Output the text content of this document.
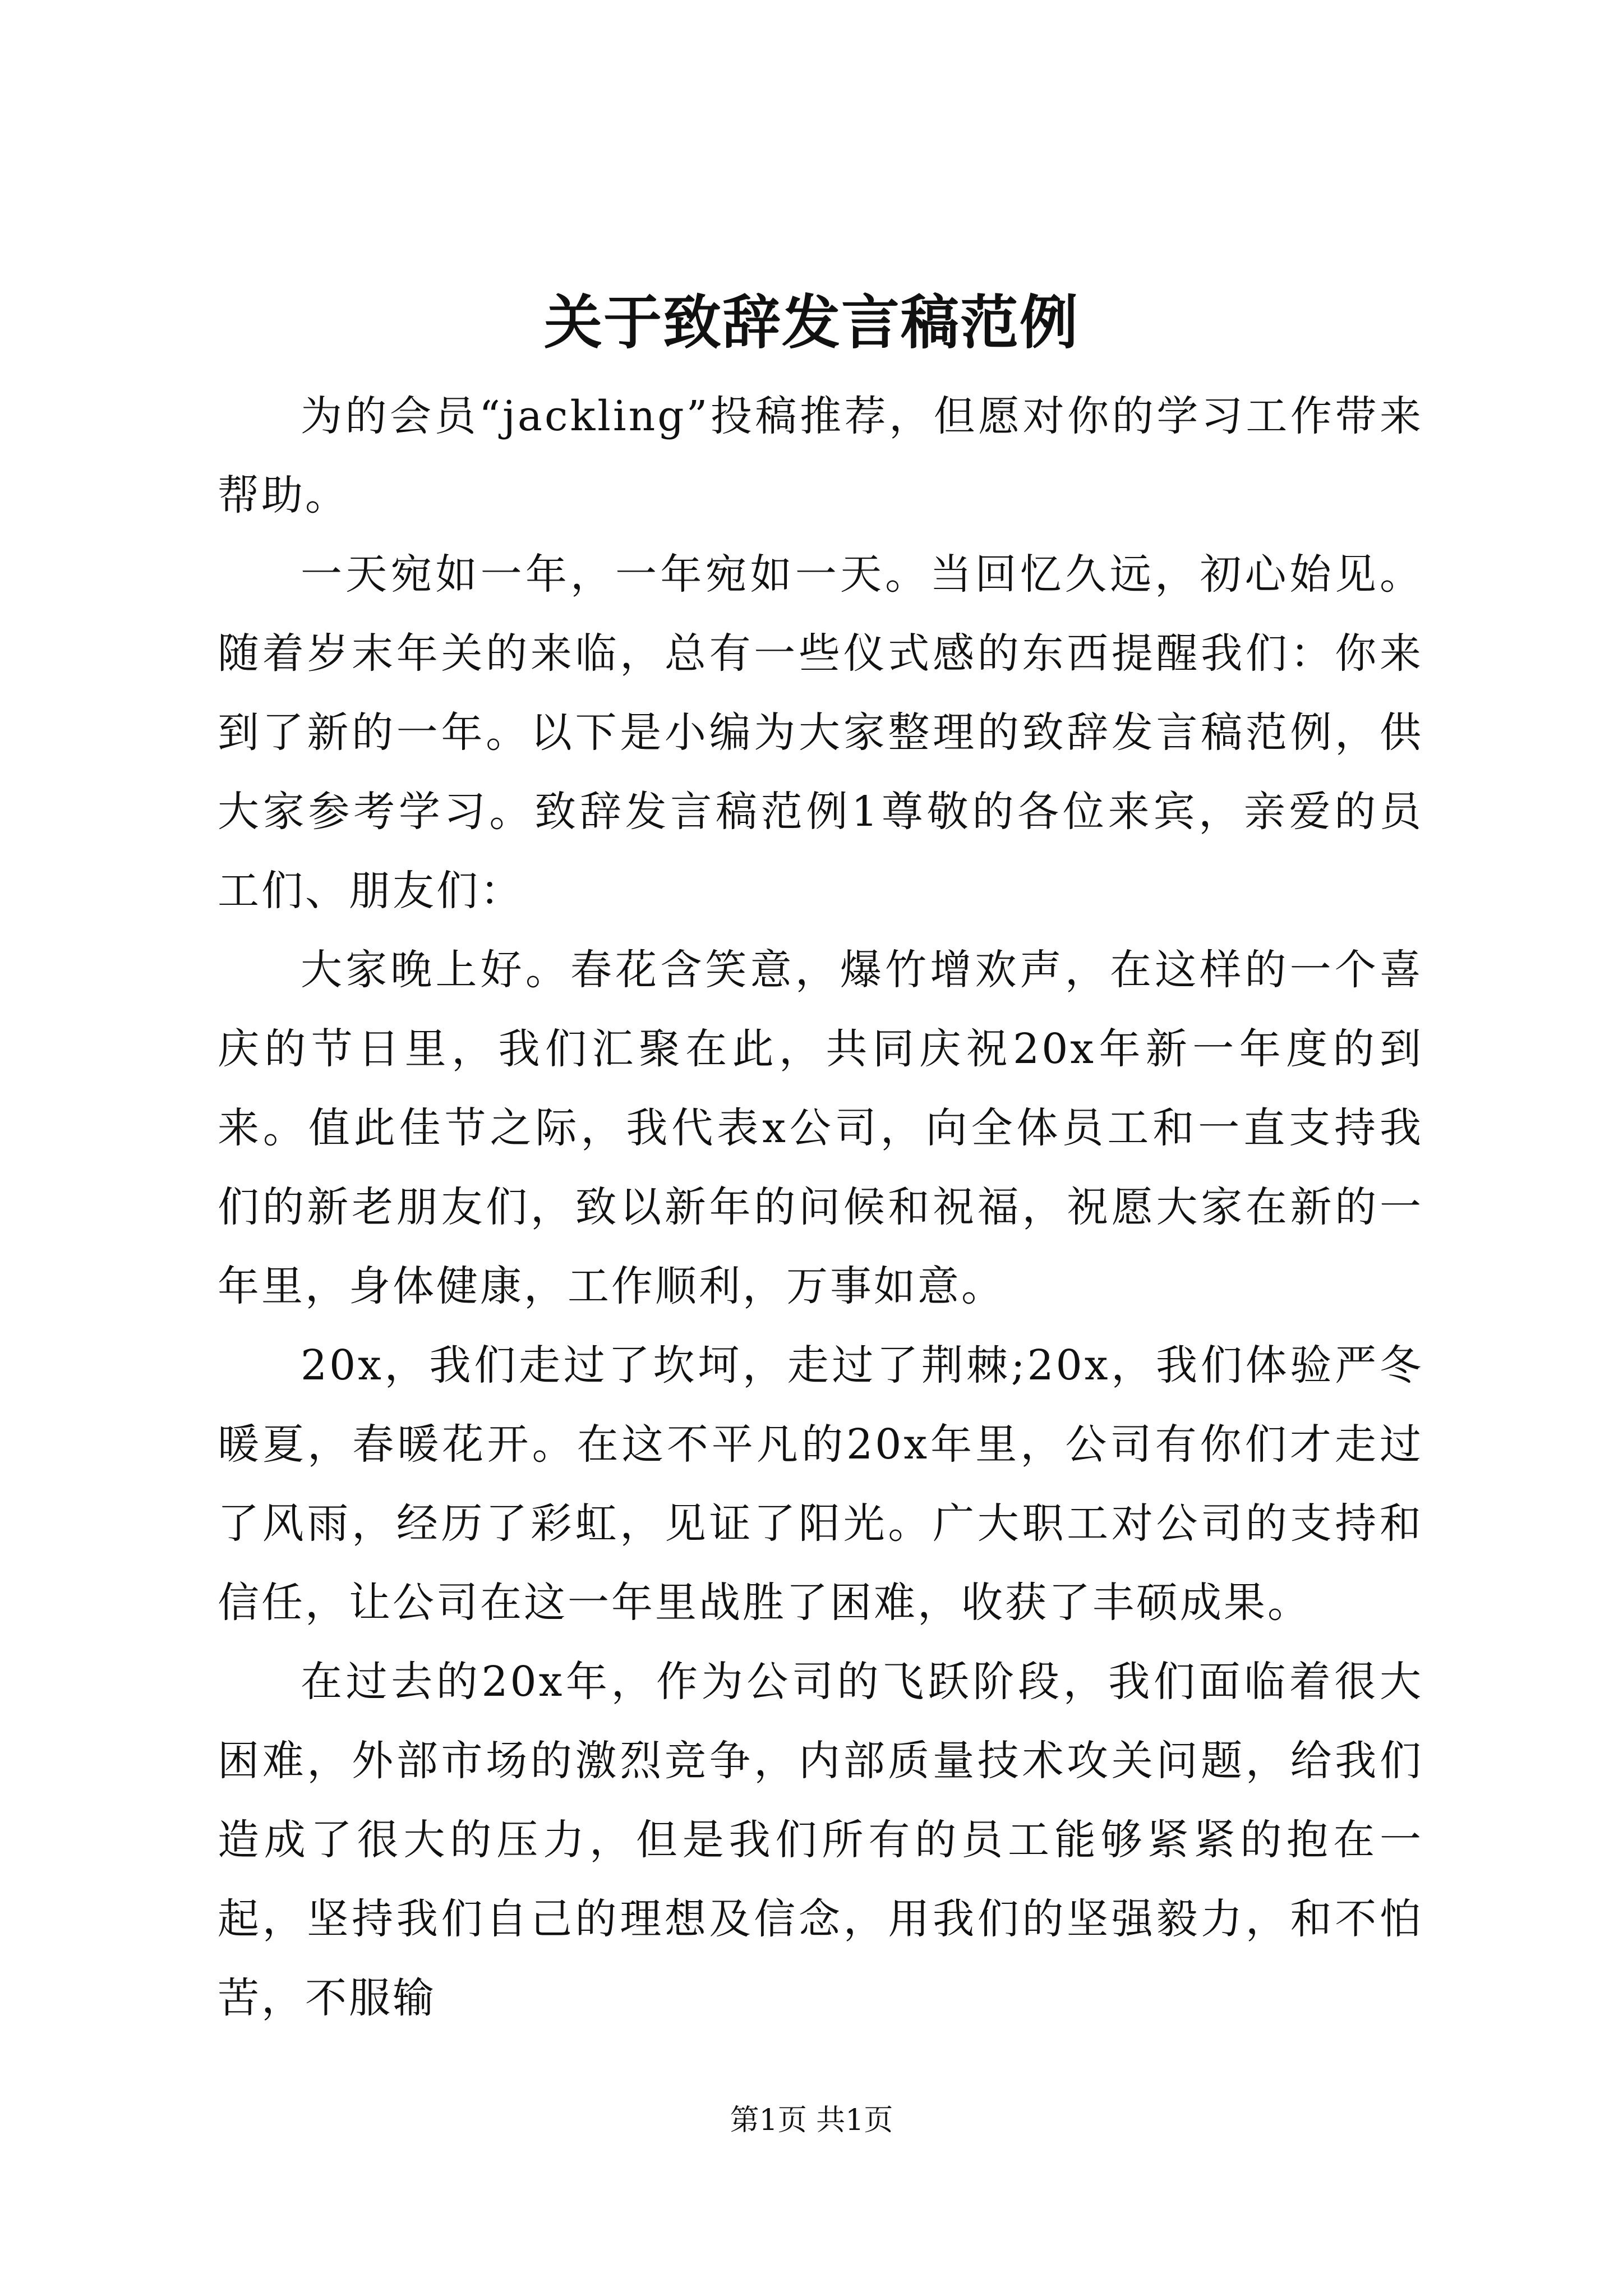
关于致辞发言稿范例

为的会员“jackling”投稿推荐，但愿对你的学习工作带来帮助。

一天宛如一年，一年宛如一天。当回忆久远，初心始见。随着岁末年关的来临，总有一些仪式感的东西提醒我们：你来到了新的一年。以下是小编为大家整理的致辞发言稿范例，供大家参考学习。致辞发言稿范例1尊敬的各位来宾，亲爱的员工们、朋友们：

大家晚上好。春花含笑意，爆竹增欢声，在这样的一个喜庆的节日里，我们汇聚在此，共同庆祝20x年新一年度的到来。值此佳节之际，我代表x公司，向全体员工和一直支持我们的新老朋友们，致以新年的问候和祝福，祝愿大家在新的一年里，身体健康，工作顺利，万事如意。

20x，我们走过了坎坷，走过了荆棘;20x，我们体验严冬暖夏，春暖花开。在这不平凡的20x年里，公司有你们才走过了风雨，经历了彩虹，见证了阳光。广大职工对公司的支持和信任，让公司在这一年里战胜了困难，收获了丰硕成果。

在过去的20x年，作为公司的飞跃阶段，我们面临着很大困难，外部市场的激烈竞争，内部质量技术攻关问题，给我们造成了很大的压力，但是我们所有的员工能够紧紧的抱在一起，坚持我们自己的理想及信念，用我们的坚强毅力，和不怕苦，不服输

第1页 共1页
